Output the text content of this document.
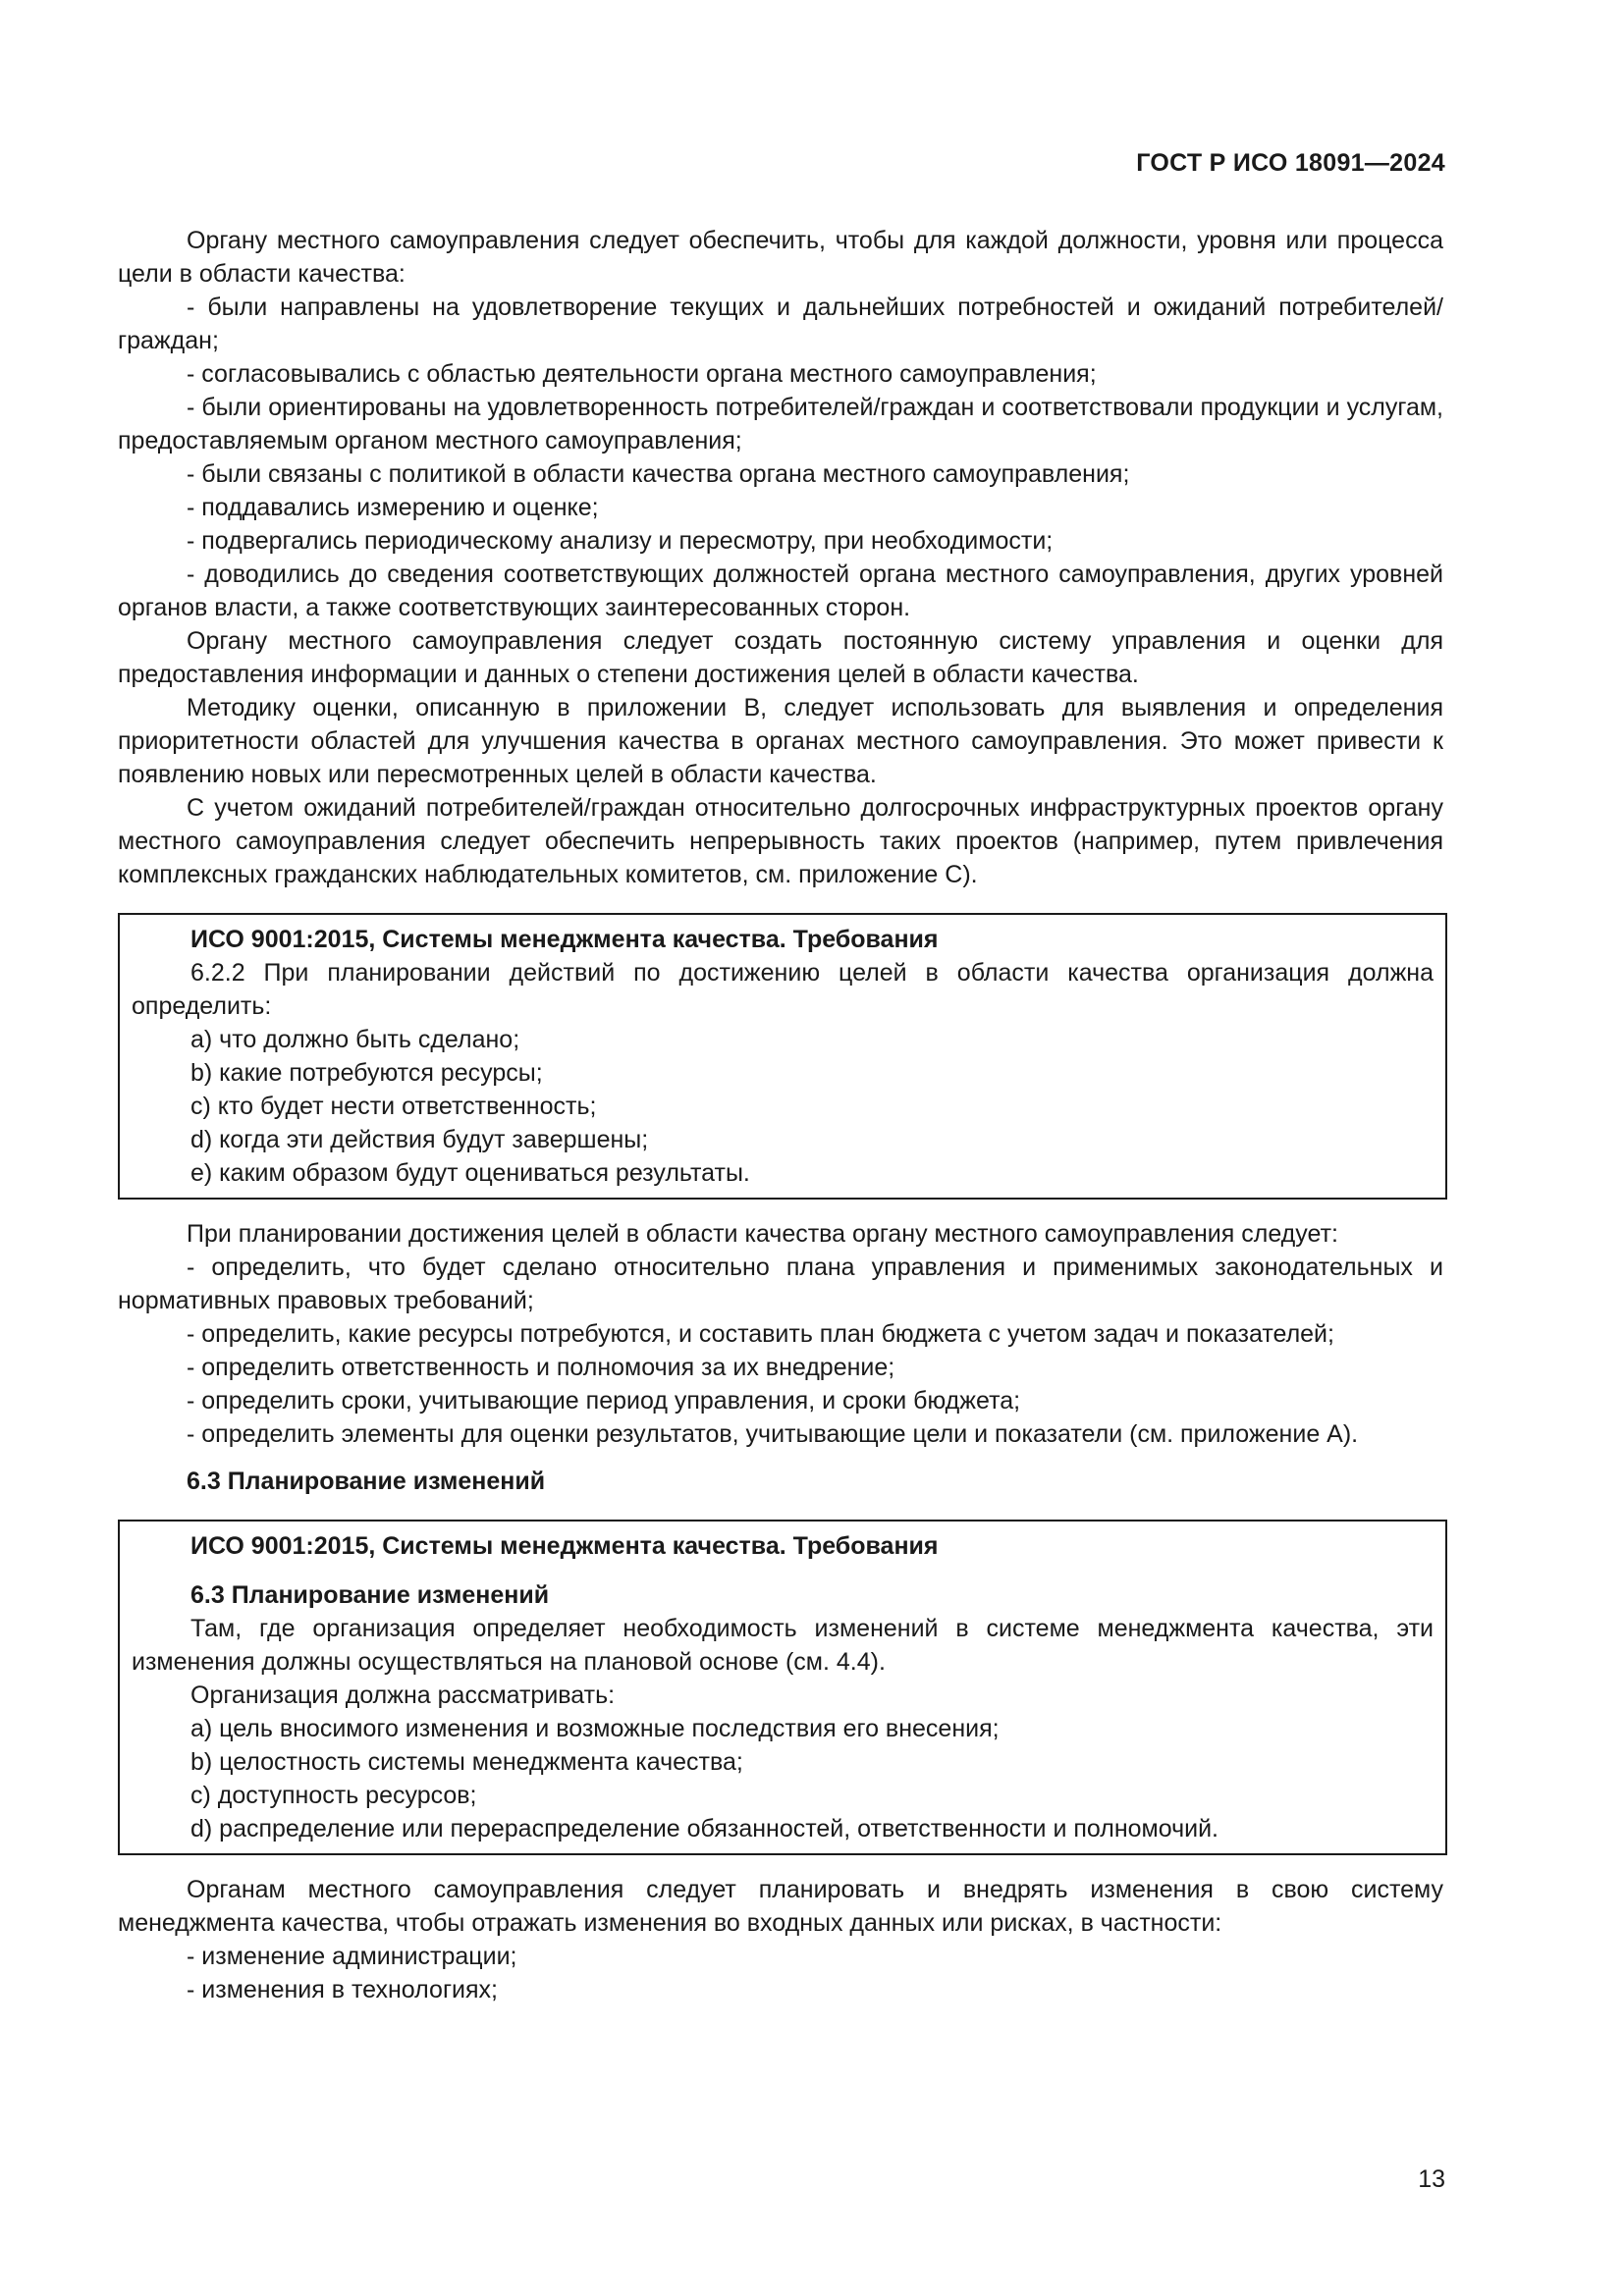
ГОСТ Р ИСО 18091—2024

Органу местного самоуправления следует обеспечить, чтобы для каждой должности, уровня или процесса цели в области качества:

- были направлены на удовлетворение текущих и дальнейших потребностей и ожиданий потребителей/граждан;

- согласовывались с областью деятельности органа местного самоуправления;

- были ориентированы на удовлетворенность потребителей/граждан и соответствовали продукции и услугам, предоставляемым органом местного самоуправления;

- были связаны с политикой в области качества органа местного самоуправления;

- поддавались измерению и оценке;

- подвергались периодическому анализу и пересмотру, при необходимости;

- доводились до сведения соответствующих должностей органа местного самоуправления, других уровней органов власти, а также соответствующих заинтересованных сторон.

Органу местного самоуправления следует создать постоянную систему управления и оценки для предоставления информации и данных о степени достижения целей в области качества.

Методику оценки, описанную в приложении В, следует использовать для выявления и определения приоритетности областей для улучшения качества в органах местного самоуправления. Это может привести к появлению новых или пересмотренных целей в области качества.

С учетом ожиданий потребителей/граждан относительно долгосрочных инфраструктурных проектов органу местного самоуправления следует обеспечить непрерывность таких проектов (например, путем привлечения комплексных гражданских наблюдательных комитетов, см. приложение С).

ИСО 9001:2015, Системы менеджмента качества. Требования

6.2.2 При планировании действий по достижению целей в области качества организация должна определить:

a) что должно быть сделано;
b) какие потребуются ресурсы;
c) кто будет нести ответственность;
d) когда эти действия будут завершены;
e) каким образом будут оцениваться результаты.

При планировании достижения целей в области качества органу местного самоуправления следует:

- определить, что будет сделано относительно плана управления и применимых законодательных и нормативных правовых требований;

- определить, какие ресурсы потребуются, и составить план бюджета с учетом задач и показателей;

- определить ответственность и полномочия за их внедрение;

- определить сроки, учитывающие период управления, и сроки бюджета;

- определить элементы для оценки результатов, учитывающие цели и показатели (см. приложение А).

6.3 Планирование изменений

ИСО 9001:2015, Системы менеджмента качества. Требования

6.3 Планирование изменений

Там, где организация определяет необходимость изменений в системе менеджмента качества, эти изменения должны осуществляться на плановой основе (см. 4.4).

Организация должна рассматривать:

a) цель вносимого изменения и возможные последствия его внесения;
b) целостность системы менеджмента качества;
c) доступность ресурсов;
d) распределение или перераспределение обязанностей, ответственности и полномочий.

Органам местного самоуправления следует планировать и внедрять изменения в свою систему менеджмента качества, чтобы отражать изменения во входных данных или рисках, в частности:

- изменение администрации;

- изменения в технологиях;

13
